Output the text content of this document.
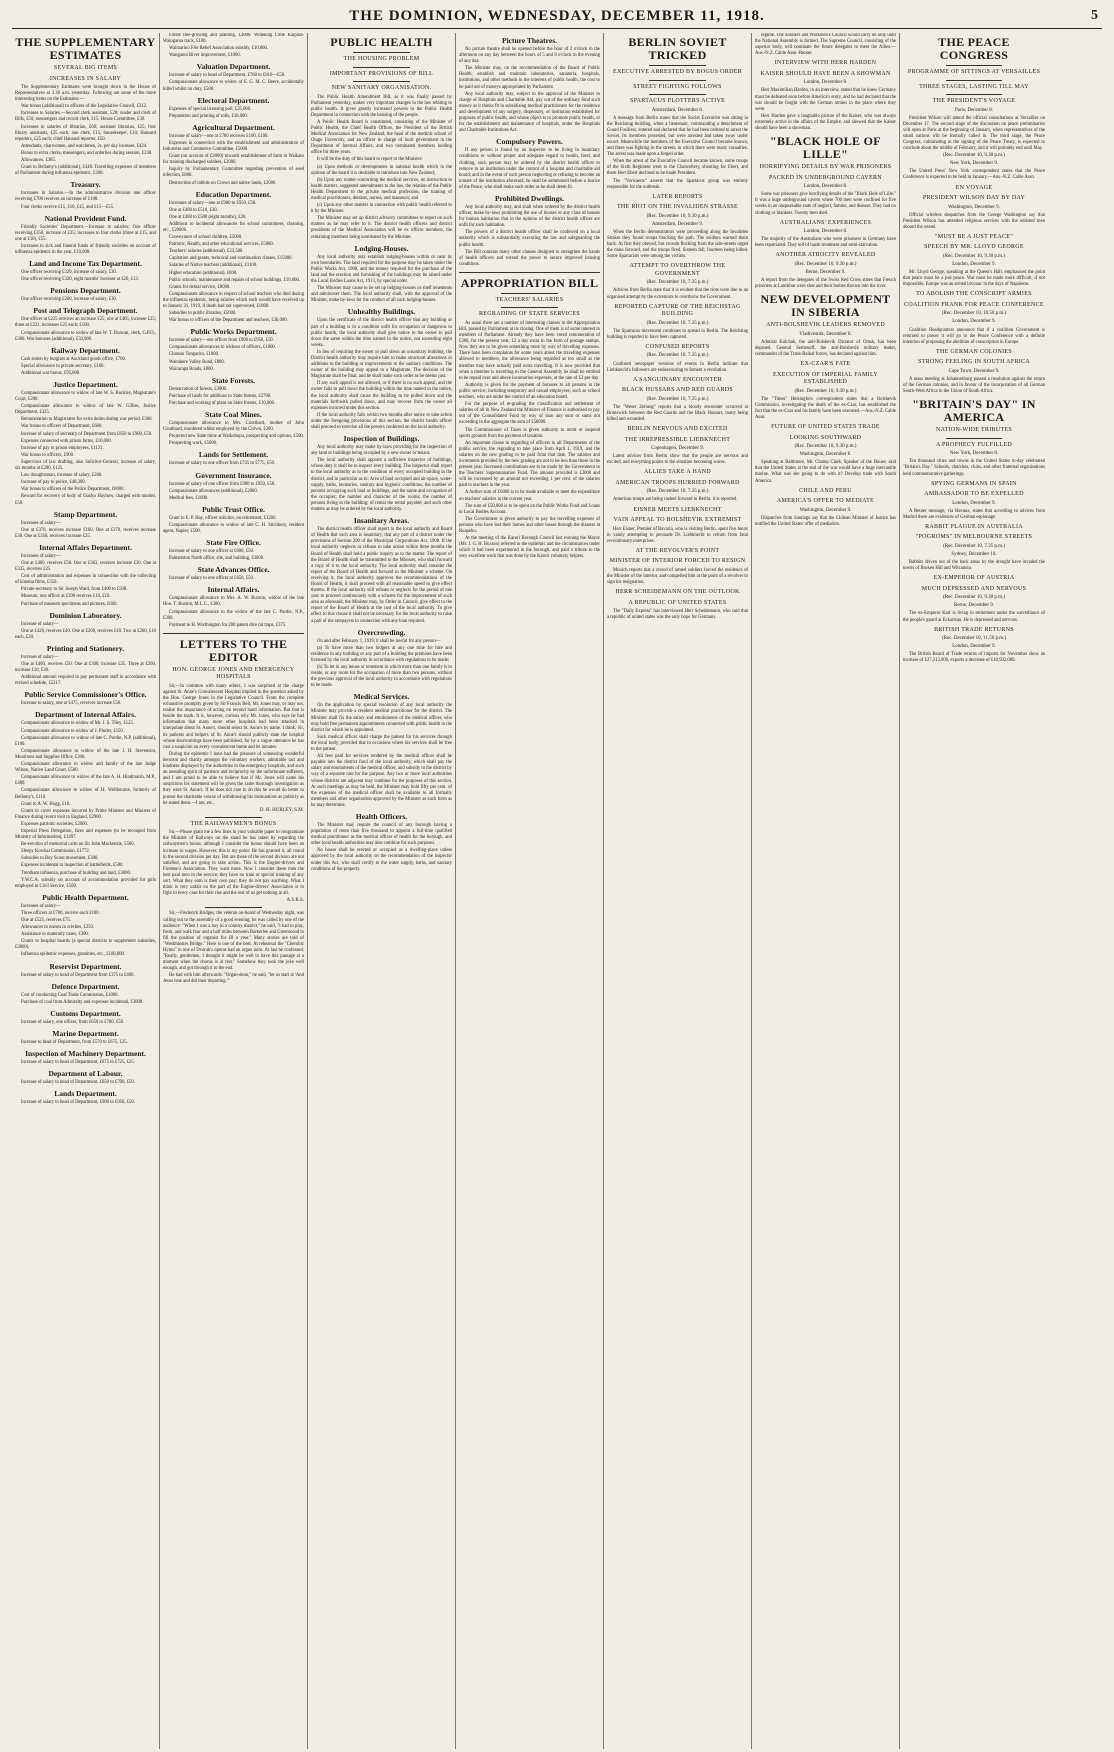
THE DOMINION, WEDNESDAY, DECEMBER 11, 1918.	5
THE SUPPLEMENTARY ESTIMATES
SEVERAL BIG ITEMS
INCREASES IN SALARY
The Supplementary Estimates were brought down in the House of Representatives at 3.30 a.m. yesterday. Following are some of the more interesting items on the Estimates:—
War bonus (additional) to officers of the Legislative Council, £312.
Increases to Salaries.—Second clerk assistant, £20; reader and clerk of Bills, £50; messengers and record clerk, £15; House Committee, £30.
Increases in salaries of librarian, £60; assistant librarian, £25; four library assistants, £25 each; one clerk, £15; housekeeper, £10; Hansard reporters, £25 each; chief Hansard reporter, £50.
Attendants, charwomen, and watchmen, 2s. per day increase, £424.
Bonus to extra clerks, messengers, and orderlies during session, £230.
Allowances, £385.
Grant to Bellamy's (additional), £448. Travelling expenses of members of Parliament during influenza epidemic, £200.
Treasury.
Increases in Salaries.—In the administrative division one officer receiving £700 receives an increase of £100.
Four clerks receive £15, £10, £15, and £15—£55.
National Provident Fund.
Friendly Societies' Department.—Increase to salaries: One officer receiving £350, increase of £25; increases to four clerks (three at £15, and one at £10), £55.
Increases to sick and funeral funds of friendly societies on account of influenza epidemic in the year, £10,000.
Land and Income Tax Department.
One officer receiving £320, increase of salary, £30.
One officer receiving £320, eight months' increase at £20, £13.
Pensions Department.
One officer receiving £260, increase of salary, £30.
Post and Telegraph Department.
One officer at £225 receives an increase £25; one at £405, increase £25; three at £231, increases £25 each; £100.
Compassionate allowance to widow of late W. T. Duncan, clerk, G.P.O., £300. War bonuses (additional), £33,900.
Railway Department.
Cash stolen by burglars at Auckland goods office, £700.
Special allowance to private secretary, £100.
Additional war bonus, £95,000.
Justice Department.
Compassionate allowance to widow of late W. S. Buckley, Magistrate's Court, £200.
Compassionate allowance to widow of late W. Gillies, Justice Department, £325.
Remuneration to Magistrates for extra duties during war period, £360.
War bonus to officers of Department, £600.
Increase of salary of secretary of Department from £850 to £900, £50.
Expenses connected with prison farms, £10,000.
Increase of pay to prison employees, £1131.
War bonus to officers, £900.
Supervisor of law drafting, also Solicitor-General, increase of salary, six months at £200, £125.
Law draughtsman, increase of salary, £200.
Increase of pay to police, £48,300.
War bonus to officers of the Police Department, £8000.
Reward for recovery of body of Gladys Hayhow, charged with murder, £50.
Stamp Department.
Increases of salary—
One at £370, receives increase £160. One at £370, receives increase £30. One at £350, receives increase £25.
Internal Affairs Department.
Increases of salary—
One at £460, receives £50. One at £363, receives increase £30. One at £335, receives £25.
Cost of administration and expenses in connection with the collecting of kinema films, £350.
Private secretary to Sir Joseph Ward, from £400 to £500.
Museum, one officer at £390 receives £10, £10.
Purchase of museum specimens and pictures, £600.
Dominion Laboratory.
Increase of salary—
One at £420, receives £40. One at £200, receives £10. Two at £260, £10 each, £20.
Printing and Stationery.
Increase of salary—
One at £400, receives £50. One at £300, increase £25. Three at £260, increase £10, £30.
Additional amount required to pay permanent staff in accordance with revised schedule, £2217.
Public Service Commissioner's Office.
Increase to salary, one at £475, receives increase £50.
Department of Internal Affairs.
Compassionate allowance to widow of Mr. J. S. Tiley, £125.
Compassionate allowance to widow of J. Pinder, £150.
Compassionate allowance to widow of late C. Purdie, N.P. (additional), £100.
Compassionate allowance to widow of the late J. H. Stevenson, Munitions and Supplies Office, £300.
Compassionate allowance to widow and family of the late Judge Wilson, Native Land Court, £500.
Compassionate allowance to widow of the late A. H. Hindmarsh, M.P., £400.
Compassionate allowance to widow of H. Wellbourne, formerly of Bellamy's, £110.
Grant to A. W. Hogg, £10.
Grants to cover expenses incurred by Prime Minister and Minister of Finance during recent visit to England, £2900.
Expenses patriotic societies, £2000.
Imperial Press Delegation, fares and expenses (to be recouped from Ministry of Information), £1497.
Re-erection of memorial cairn on Sir John Mackenzie, £500.
Sleepy Kowhai Commission, £1772.
Subsidies to Boy Scout movement, £300.
Expenses incidental to inspection of battlefields, £500.
Trentham influenza, purchase of building and land, £3000.
Y.W.C.A. subsidy on account of accommodation provided for girls employed in Civil Service, £500.
Public Health Department.
Increases of salary—
Three officers at £700, receive each £100.
One at £525, receives £75.
Allowances to nurses in crèches, £250.
Assistance to maternity cases, £300.
Grants to hospital boards (a special districts to supplement subsidies, £3000).
Influenza epidemic expenses, gratuities, etc., £100,000.
Reservist Department.
Increase of salary to head of Department from £375 to £400.
Defence Department.
Cost of conducting Coal Trade Commission, £1000.
Purchase of coal from Admiralty and expenses incidental, £3000.
Customs Department.
Increase of salary, one officer, from £650 to £700, £50.
Marine Department.
Increase to head of Department, from £570 to £675, £25.
Inspection of Machinery Department.
Increase of salary to head of Department, £675 to £725, £25.
Department of Labour.
Increase of salary to head of Department, £650 to £700, £50.
Lands Department.
Increase of salary to head of Department, £900 to £950, £50.
Forest tree-growing and planting, £3000. Widening Little Kaipara-Waingaroa track, £100.
Waimarino Fire Relief Association subsidy, £10,000.
Wanganui River improvement, £1000.
Valuation Department.
Increase of salary to head of Department, £760 to £810—£50.
Compassionate allowance to widow of E. G. M. C. Beere, accidentally killed whilst on duty, £500.
Electoral Department.
Expenses of special licensing poll, £25,000.
Preparation and printing of rolls, £10,000.
Agricultural Department.
Increase of salary—one at £700 receives £100, £100.
Expenses in connection with the establishment and administration of Industries and Commerce Committee, £5000.
Grant (on account of £3000) towards establishment of farm in Waikato for training discharged soldiers, £2000.
Inquiry by Parliamentary Committee regarding prevention of seed infection, £800.
Destruction of rabbits on Crown and native lands, £2000.
Education Department.
Increases of salary—one at £900 to £950, £50.
One at £480 to £510, £30.
One at £480 to £500 (eight months), £20.
Additions to incidental allowances for school committees, cleaning, etc., £20000.
Conveyance of school children, £5000.
Patriotic, Health, and other educational services, £5000.
Teachers' salaries (additional), £23,500.
Capitation and grants, technical and continuation classes, £15000.
Salaries of Native teachers (additional), £1100.
Higher education (additional), £800.
Public schools, maintenance and repairs of school buildings, £10,000.
Grants for dental service, £8000.
Compassionate allowance in respect of school teachers who died during the influenza epidemic, being salaries which each would have received up to January 31, 1919, if death had not supervened, £1000.
Subsidies to public libraries, £5000.
War bonus to officers of the Department and teachers, £30,000.
Public Works Department.
Increase of salary—one officer from £900 to £950, £50.
Compassionate allowances to widows of officers, £1000.
Chateau Tongariro, £1000.
Waitakere Valley Road, £800.
Wairarapa Roads, £800.
State Forests.
Demarcation of forests, £3000.
Purchase of lands for additions to State forests, £2700.
Purchase and working of plant on State forests, £10,000.
State Coal Mines.
Compassionate allowance to Mrs. Coutthard, mother of John Coutthard, murdered whilst employed by the Crown, £200.
Projected new State mine at Waikohopu, prospecting and options, £500.
Prospecting work, £5000.
Lands for Settlement.
Increase of salary to one officer from £725 to £775, £50.
Government Insurance.
Increase of salary of one officer from £900 to £950, £50.
Compassionate allowances (additional), £2000.
Medical fees, £1600.
Public Trust Office.
Grant to E. P. Hay, officer solicitor, on retirement, £1200.
Compassionate allowance to widow of late C. H. Stichbury, resident agent, Napier, £500.
State Fire Office.
Increase of salary to one officer at £600, £50.
Palmerston North office, site, and building, £3000.
State Advances Office.
Increase of salary to one officer at £650, £50.
Internal Affairs.
Compassionate allowance to Mrs. A. W. Buxton, widow of the late Hon. T. Buxton, M.L.C., £300.
Compassionate allowance to the widow of the late C. Purdie, N.P., £300.
Payment to H. Worthington for 200 patent dice rat traps, £375.
LETTERS TO THE EDITOR
HON. GEORGE JONES AND EMERGENCY HOSPITALS
Sir,—In common with many others, I was surprised at the charge against St. Anne's Convalescent Hospital implied in the question asked by the Hon. George Jones in the Legislative Council. From the complete exhaustive promptly given by Sir Francis Bell, Mr. Jones may, or may not, realise the importance of acting on second hand information. But that is beside the mark. It is, however, curious why Mr. Jones, who says he had information that many more other hospitals had been attacked in interpolate about St. Anne's, should select St. Anne's by name. I think, Sir, its patients and helpers of St. Anne's should publicly state the hospital whose shortcomings have been published, for by a vague utterance he has cast a suspicion on every convalescent home and its inmates.
During the epidemic I have had the pleasure of witnessing wonderful heroism and charity amongst the voluntary workers, admirable tact and kindness displayed by the authorities in the emergency hospitals, and such an unending spirit of patience and reciprocity by the unfortunate sufferers, and I am proud to be able to believe that if Mr. Jones will name his suspicions his statement will be given the same thorough investigation as they were St. Anne's. If he does not care to do this he would do better to pursue the charitable course of withdrawing his insinuations as publicly as he stated them.—I am, etc.,
D. H. HURLEY, S.M.
THE RAILWAYMEN'S BONUS
Sir,—Please grant me a few lines in your valuable paper to congratulate the Minister of Railways on the stand he has taken by regarding the railwaymen's bonus, although I consider the bonus should have been an increase in wages. However, this is my point: He has granted it, all round in the second division per day. But are those of the second division are not satisfied, and are going to take action. This is the Engine-drivers and Firemen's Association. They want more. Now I consider these men the best paid men in the service; they have no train or special training of any sort. What they earn is their own pay; they do not pay anything. What I think is very unfair on the part of the Engine-drivers' Association is to fight in every case for their rise and the rest of us get nothing at all.
A.S.R.S.
Sir,—Frederick Bridges, the veteran on-board of Wednesday night, was calling out to the assembly of a good evening; he was called by one of the audience: "When I was a boy in a country district," he said, "I had to play, fresh, and walk four and a half miles between Barkerlee and Greenwood to fill the position of organist for £8 a year." Many stories are told of "Westminster Bridge." Here is one of the best. At rehearsal the "Cherubic Hymn" in one of Dvorak's operas had an organ intro. At last he confessed: "Really, gentlemen, I thought it might be well to have this passage at a moment when the chorus is at rest." Somehow they took the joke well enough, and got through it to the end.
He had with him afterwards: "Organ-dean," he said, "let us start at 'And Jesus rose and did their departing.'"
PUBLIC HEALTH
THE HOUSING PROBLEM
IMPORTANT PROVISIONS OF BILL
NEW SANITARY ORGANISATION.
The Public Health Amendment Bill, as it was finally passed by Parliament yesterday, makes very important changes in the law relating to public health. It gives greatly increased powers to the Public Health Department in connection with the housing of the people.
A Public Health Board is constituted, consisting of the Minister of Public Health, the Chief Health Officer, the President of the British Medical Association for New Zealand, the head of the medical school of Otago University, and an officer in charge of local government in the Department of Internal Affairs, and two nominated members holding office for three years.
It will be the duty of this board to report to the Minister:
(a) Upon methods or developments in national health which in the opinion of the board it is desirable to introduce into New Zealand;
(b) Upon any matter concerning the medical services, on instruction to health matters, suggested amendments to the law, the relation of the Public Health Department to the private medical profession, the training of medical practitioners, dentists, nurses, and masseurs; and
(c) Upon any other matters in connection with public health referred to it by the Minister.
The Minister may set up district advisory committees to report on such matters as he may refer to it. The district health officers and district presidents of the Medical Association will be ex officio members, the remaining members being nominated by the Minister.
Lodging-Houses.
Any local authority may establish lodging-houses within or near its own boundaries. The land required for the purpose may be taken under the Public Works Act, 1908, and the money required for the purchase of the land and the erection and furnishing of the buildings may be raised under the Local Bodies Loans Act, 1913, by special order.
The Minister may cause to be set up lodging-houses or shelf tenements and administer them. The local authority shall, with the approval of the Minister, make by-laws for the conduct of all such lodging-houses.
Unhealthy Buildings.
Upon the certificate of the district health officer that any building or part of a building is in a condition unfit for occupation or dangerous to public health, the local authority shall give notice to the owner to pull down the same within the time named in the notice, not exceeding eight weeks.
In lieu of requiring the owner to pull down an unsanitary building, the District health authority may require him to make structural alterations or additions to the building or improvements to the sanitary conditions. The owner of the building may appeal to a Magistrate. The decision of the Magistrate shall be final, and he shall make such order as he deems just.
If any such appeal is not allowed, or if there is no such appeal, and the owner fails to pull down the building within the time named in the notice, the local authority shall cause the building to be pulled down and the materials forthwith pulled down, and may recover from the owner all expenses incurred under this section.
If the local authority fails within two months after notice to take action under the foregoing provisions of this section, the district health officer shall proceed to exercise all the powers conferred on the local authority.
Inspection of Buildings.
Any local authority may make by-laws providing for the inspection of any land or buildings being occupied by a new owner or tenant.
The local authority shall appoint a sufficient inspector of buildings, whose duty it shall be to inspect every building. The inspector shall report to the local authority as to the condition of every occupied building in the district, and in particular as to: Area of land occupied and air-space, water-supply, baths, lavatories, sanitary and hygienic conditions, the number of persons occupying such land or buildings, and the name and occupation of the occupier; the number and character of the rooms; the number of persons living in the building; of rental the rental payable; and such other matters as may be ordered by the local authority.
Insanitary Areas.
The district health officer shall report to the local authority and Board of Health that such area is insanitary, that any part of a district under the provisions of Section 290 of the Municipal Corporations Act, 1908. If the local authority neglects or refuses to take action within three months the Board of Health shall hold a public inquiry as to the matter. The report of the Board of Health shall be transmitted to the Minister, who shall forward a copy of it to the local authority. The local authority shall consider the report of the Board of Health and forward to the Minister a scheme. On receiving it, the local authority approves the recommendations of the Board of Health, it shall proceed with all reasonable speed to give effect thereto. If the local authority still refuses or neglects for the period of one year to proceed continuously with a scheme for the improvement of such area as aforesaid, the Minister may, by Order in Council, give effect to the report of the Board of Health at the cost of the local authority. To give effect to this clause it shall not be necessary for the local authority to raise a poll of the ratepayers in connection with any loan required.
Overcrowding.
On and after February 1, 1919, it shall be lawful for any person—
(a) To have more than two lodgers at any one time for hire and residence in any building or any part of a building the premises have been licensed by the local authority in accordance with regulations to be made;
(b) To let in any house or tenement in which more than one family is to reside, or any room for the occupation of more than two persons, without the previous approval of the local authority in accordance with regulations to be made.
Medical Services.
On the application by special resolution of any local authority the Minister may provide a resident medical practitioner for the district. The Minister shall fix the salary and emoluments of the medical officer, who may hold free permanent appointments connected with public health in the district for which he is appointed.
Such medical officer shall charge the patient for his services through the local body, provided that in occasions where his services shall be free to the patient.
All fees paid for services rendered by the medical officer shall be payable into the district fund of the local authority, which shall pay the salary and emoluments of the medical officer, and subsidy to the district by way of a separate rate for the purpose. Any two or more local authorities whose districts are adjacent may combine for the purposes of this section. At such meetings as may be held, the Minister may hold fifty per cent. of the expenses of the medical officer shall be available to all formally members and other organisation approved by the Minister as such form as he may determine.
Health Officers.
The Minister may require the council of any borough having a population of more than five thousand to appoint a full-time qualified medical practitioner as the medical officer of health for the borough, and other local health authorities may also combine for such purposes.
No house shall be erected or occupied as a dwelling-place unless approved by the local authority on the recommendation of the inspector under this Act, who shall certify to the water supply, baths, and sanitary conditions of the property.
Picture Theatres.
No picture theatre shall be opened before the hour of 2 o'clock in the afternoon on any day between the hours of 5 and 8 o'clock in the evening of any day.
The Minister may, on the recommendation of the Board of Public Health, establish and maintain laboratories, sanatoria, hospitals, institutions, and other methods in the interests of public health, the cost to be paid out of moneys appropriated by Parliament.
Any local authority may, subject to the approval of the Minister to charge of Hospitals and Charitable Aid, pay out of the ordinary fund such money as it thinks fit in subsidising medical practitioners for the residence and development of any surgery, dispensary, or institution established for purposes of public health, and whose object is to promote public health, or for the establishment and maintenance of hospitals, under the Hospitals and Charitable Institutions Act.
Compulsory Powers.
If any person is found by an inspector to be living in insanitary conditions or without proper and adequate regard to health, food, and clothing, such person may be ordered by the district health officer to remove to an institution under the control of a hospital and charitable aid board; and in the event of such person neglecting or refusing to become an inmate of the institution aforesaid, he shall be summoned before a Justice of the Peace, who shall make such order as he shall deem fit.
Prohibited Dwellings.
Any local authority may, and shall when ordered by the district health officer, make by-laws prohibiting the use of houses or any class of houses for human habitation that in the opinion of the district health officer are unfit for such habitation.
The powers of a district health officer shall be conferred on a local authority which is substantially executing the law and safeguarding the public health.
The Bill contains many other clauses designed to strengthen the hands of health officers and extend the power to secure improved housing conditions.
APPROPRIATION BILL
TEACHERS' SALARIES
REGRADING OF STATE SERVICES
As usual there are a number of interesting clauses in the Appropriation Bill, passed by Parliament at its closing. One of them is of some interest to members of Parliament. Already they have been voted remuneration of £300, for the present year, £2 a day extra in the form of postage stamps. Now they are to be given something more by way of travelling expenses. There have been complaints for some years about the travelling expenses allowed to members, the allowance being regarded as too small as the member may have actually paid extra travelling. It is now provided that when a member is travelling to the General Assembly he shall be entitled to be repaid over and above locomotion expenses, at the rate of £2 per day.
Authority is given for the payment of bonuses to all persons in the public service, including temporary and casual employees, such as school teachers, who are under the control of an education board.
For the purpose of re-grading the classification and settlement of salaries of all in New Zealand the Minister of Finance is authorised to pay out of the Consolidated Fund by way of loan any sum or sums not exceeding in the aggregate the sum of £50000.
The Commissioner of Taxes is given authority to remit or suspend sports grounds from the payment of taxation.
An important clause in regarding of officers in all Departments of the public service, the regrading to take place from April 1, 1919, and the salaries on the new grading to be paid from that date. The salaries and increments provided by the new grading are not to be less than those in the present year. Increased contributions are to be made by the Government to the Teachers' Superannuation Fund. The amount provided is £2000 and will be increased by an amount not exceeding 1 per cent. of the salaries paid to teachers in the year.
A further sum of £6000 is to be made available to meet the expenditure on teachers' salaries in the current year.
The sum of £50,000 is to be spent on the Public Works Fund and Loans to Local Bodies Account.
The Government is given authority to pay the travelling expenses of persons who have lost their homes and other losses through the disaster at Ruapehu.
At the meeting of the Karori Borough Council last evening the Mayor (Mr. J. G. H. Buxton) referred to the epidemic and the circumstances under which it had been experienced in the borough, and paid a tribute to the very excellent work that was done by the Karori voluntary helpers.
BERLIN SOVIET TRICKED
EXECUTIVE ARRESTED BY BOGUS ORDER
STREET FIGHTING FOLLOWS
SPARTACUS PLOTTERS ACTIVE
Amsterdam, December 8.
A message from Berlin states that the Soviet Executive was sitting in the Reichstag building, when a lieutenant, commanding a detachment of Guard Fusiliers, entered and declared that he had been ordered to arrest the Soviet. Its members protested, but were arrested and taken away under escort. Meanwhile the members of the Executive Council became known, and there was fighting in the streets, in which there were many casualties. The arrest was made upon a forged order.
When the arrest of the Executive Council became known, some troops of the Sixth Regiment went to the Chancellery, shouting for Ebert, and there Herr Ebert declined to be made President.
The "Vorwaerts" asserts that the Spartacus group was entirely responsible for the outbreak.
LATER REPORTS
THE RIOT ON THE INVALIDEN STRASSE
(Rec. December 10, 9.30 p.m.)
Amsterdam, December 9.
When the Berlin demonstrators were proceeding along the Invaliden Strasse they found troops blocking the path. The soldiers warned them back. At first they obeyed, but crowds flocking from the side-streets urged the mass forward, and the troops fired. Sixteen fell, fourteen being killed. Some Spartacists were among the victims.
ATTEMPT TO OVERTHROW THE GOVERNMENT
(Rec. December 10, 7.35 p.m.)
Advices from Berlin state that it is evident that the riots were due to an organised attempt by the extremists to overthrow the Government.
REPORTED CAPTURE OF THE REICHSTAG BUILDING
(Rec. December 10, 7.35 p.m.)
The Spartacus movement continues to spread in Berlin. The Reichstag building is reported to have been captured.
CONFUSED REPORTS
(Rec. December 10, 7.35 p.m.)
Confused newspaper versions of events in Berlin indicate that Liebknecht's followers are endeavouring to foment a revolution.
A SANGUINARY ENCOUNTER
BLACK HUSSARS AND RED GUARDS
(Rec. December 10, 7.35 p.m.)
The "Weser Zeitung" reports that a bloody encounter occurred at Brunswick between the Red Guards and the Black Hussars, many being killed and wounded.
BERLIN NERVOUS AND EXCITED
THE IRREPRESSIBLE LIEBKNECHT
Copenhagen, December 9.
Latest advices from Berlin show that the people are nervous and excited, and everything points to the situation becoming worse.
ALLIES TAKE A HAND
AMERICAN TROOPS HURRIED FORWARD
(Rec. December 10, 7.35 p.m.)
American troops are being rushed forward to Berlin, it is reported.
EISNER MEETS LIEBKNECHT
VAIN APPEAL TO BOLSHEVIK EXTREMIST
Herr Eisner, Premier of Bavaria, who is visiting Berlin, spent five hours in vainly attempting to persuade Dr. Liebknecht to refrain from fatal revolutionary enterprises.
AT THE REVOLVER'S POINT
MINISTER OF INTERIOR FORCED TO RESIGN
Munich reports that a crowd of armed soldiers forced the residence of the Minister of the Interior, and compelled him at the point of a revolver to sign his resignation.
HERR SCHEIDEMANN ON THE OUTLOOK
A REPUBLIC OF UNITED STATES
The "Daily Express" has interviewed Herr Scheidemann, who said that a republic of united states was the only hope for Germany.
regime. The Soldiers and Workmen's Council would carry on only until the National Assembly is formed. The Supreme Council, consisting of the superior body, will nominate the future delegates to meet the Allies.—Aus.-N.Z. Cable Assn.-Reuter.
INTERVIEW WITH HERR HARDEN
KAISER SHOULD HAVE BEEN A SHOWMAN
London, December 8.
Herr Maximilian Harden, in an interview, stated that he knew Germany must be defeated soon before America's entry, and he had declared that the war should be fought with the German armies in the place where they were.
Herr Harden gave a laughable picture of the Kaiser, who was always extremely active in the affairs of the Empire, and showed that the Kaiser should have been a showman.
"BLACK HOLE OF LILLE"
HORRIFYING DETAILS BY WAR PRISONERS
PACKED IN UNDERGROUND CAVERN
London, December 8.
Some war prisoners give horrifying details of the "Black Hole of Lille." It was a huge underground cavern where 700 men were confined for five weeks in an unspeakable state of neglect, famine, and disease. They had no clothing or blankets. Twenty men died.
AUSTRALIANS' EXPERIENCES
London, December 8.
The majority of the Australians who were prisoners in Germany have been repatriated. They tell of harsh treatment and semi-starvation.
ANOTHER ATROCITY REVEALED
(Rec. December 10, 9.30 p.m.)
Berne, December 9.
A report from the delegates of the Swiss Red Cross states that French prisoners at Landshut were shot and their bodies thrown into the river.
NEW DEVELOPMENT IN SIBERIA
ANTI-BOLSHEVIK LEADERS REMOVED
Vladivostok, December 8.
Admiral Kolchak, the anti-Bolshevik Dictator of Omsk, has been deposed. General Semenoff, the anti-Bolshevik military leader, commander of the Trans-Baikal forces, has declared against him.
EX-CZAR'S FATE
EXECUTION OF IMPERIAL FAMILY ESTABLISHED
(Rec. December 10, 9.30 p.m.)
The "Times" Helsingfors correspondent states that a Bolshevik Commission, investigating the death of the ex-Czar, has established the fact that the ex-Czar and his family have been executed.—Aus.-N.Z. Cable Assn.
FUTURE OF UNITED STATES TRADE
LOOKING SOUTHWARD
(Rec. December 10, 9.30 p.m.)
Washington, December 8.
Speaking at Baltimore, Mr. Champ Clark, Speaker of the House, said that the United States at the end of the war would have a huge mercantile marine. What was she going to do with it? Develop trade with South America.
CHILE AND PERU
AMERICA'S OFFER TO MEDIATE
Washington, December 9.
Dispatches from Santiago say that the Chilean Minister of Justice has notified the United States' offer of mediation.
THE PEACE CONGRESS
PROGRAMME OF SITTINGS AT VERSAILLES
THREE STAGES, LASTING TILL MAY
THE PRESIDENT'S VOYAGE
Paris, December 8.
President Wilson will attend the official consultations at Versailles on December 17. The second stage of the discussion on peace preliminaries will open at Paris at the beginning of January, when representatives of the small nations will be formally called in. The third stage, the Peace Congress, culminating in the signing of the Peace Treaty, is expected to conclude about the middle of February, and it will probably end until May.
(Rec. December 10, 9.30 p.m.)
New York, December 9.
The United Press' New York correspondent states that the Peace Conference is expected to be held in January.—Aus.-N.Z. Cable Assn.
EN VOYAGE
PRESIDENT WILSON DAY BY DAY
Washington, December 9.
Official wireless despatches from the George Washington say that President Wilson has attended religious services with the enlisted men aboard the vessel.
"MUST BE A JUST PEACE"
SPEECH BY MR. LLOYD GEORGE
(Rec. December 10, 9.30 p.m.)
London, December 9.
Mr. Lloyd George, speaking at the Queen's Hall, emphasised the point that peace must be a just peace. War must be made more difficult, if not impossible. Europe was an armed bivouac in the days of Napoleon.
TO ABOLISH THE CONSCRIPT ARMIES
COALITION FRANK FOR PEACE CONFERENCE
(Rec. December 10, 10.50 p.m.)
London, December 9.
Coalition Headquarters announce that if a coalition Government is returned to power it will go to the Peace Conference with a definite intention of proposing the abolition of conscription in Europe.
THE GERMAN COLONIES
STRONG FEELING IN SOUTH AFRICA
Cape Town, December 9.
A mass meeting at Johannesburg passed a resolution against the return of the German colonies, and in favour of the incorporation of all German South-West Africa in the Union of South Africa.
"BRITAIN'S DAY" IN AMERICA
NATION-WIDE TRIBUTES
A PROPHECY FULFILLED
New York, December 8.
Ten thousand cities and towns in the United States to-day celebrated "Britain's Day." Schools, churches, clubs, and other fraternal organisations held commemorative gatherings.
SPYING GERMANS IN SPAIN
AMBASSADOR TO BE EXPELLED
London, December 9.
A Reuter message, via Havana, states that according to advices from Madrid there are evidences of German espionage.
RABBIT PLAGUE IN AUSTRALIA
"POGROMS" IN MELBOURNE STREETS
(Rec. December 10, 7.35 p.m.)
Sydney, December 10.
Rabbits driven out of the back areas by the drought have invaded the towns of Broken Hill and Wilcannia.
EX-EMPEROR OF AUSTRIA
MUCH DEPRESSED AND NERVOUS
(Rec. December 10, 9.30 p.m.)
Berne, December 9.
The ex-Emperor Karl is living in retirement under the surveillance of the people's guard at Eckartsau. He is depressed and nervous.
BRITISH TRADE RETURNS
(Rec. December 10, 11.50 p.m.)
London, December 9.
The British Board of Trade returns of imports for November show an increase of £27,213,000, exports a decrease of £10,932,000.
